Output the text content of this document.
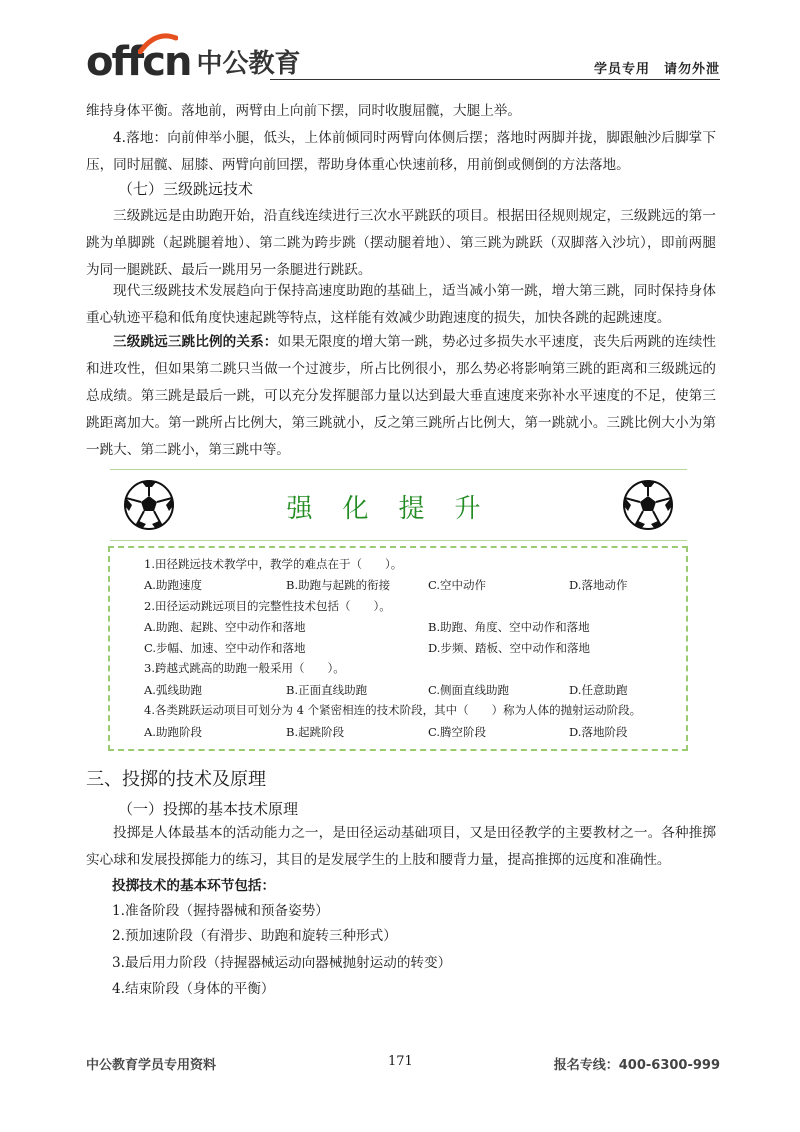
offcn 中公教育	学员专用　请勿外泄
维持身体平衡。落地前，两臂由上向前下摆，同时收腹屈髋，大腿上举。
4.落地：向前伸举小腿，低头，上体前倾同时两臂向体侧后摆；落地时两脚并拢，脚跟触沙后脚掌下压，同时屈髋、屈膝、两臂向前回摆，帮助身体重心快速前移，用前倒或侧倒的方法落地。
（七）三级跳远技术
三级跳远是由助跑开始，沿直线连续进行三次水平跳跃的项目。根据田径规则规定，三级跳远的第一跳为单脚跳（起跳腿着地）、第二跳为跨步跳（摆动腿着地）、第三跳为跳跃（双脚落入沙坑），即前两腿为同一腿跳跃、最后一跳用另一条腿进行跳跃。
现代三级跳技术发展趋向于保持高速度助跑的基础上，适当减小第一跳，增大第三跳，同时保持身体重心轨迹平稳和低角度快速起跳等特点，这样能有效减少助跑速度的损失，加快各跳的起跳速度。
三级跳远三跳比例的关系：如果无限度的增大第一跳，势必过多损失水平速度，丧失后两跳的连续性和进攻性，但如果第二跳只当做一个过渡步，所占比例很小，那么势必将影响第三跳的距离和三级跳远的总成绩。第三跳是最后一跳，可以充分发挥腿部力量以达到最大垂直速度来弥补水平速度的不足，使第三跳距离加大。第一跳所占比例大，第三跳就小，反之第三跳所占比例大，第一跳就小。三跳比例大小为第一跳大、第二跳小，第三跳中等。
强化提升
1.田径跳远技术教学中，教学的难点在于（　　）。
A.助跑速度	B.助跑与起跳的衔接	C.空中动作	D.落地动作
2.田径运动跳远项目的完整性技术包括（　　）。
A.助跑、起跳、空中动作和落地	B.助跑、角度、空中动作和落地
C.步幅、加速、空中动作和落地	D.步频、踏板、空中动作和落地
3.跨越式跳高的助跑一般采用（　　）。
A.弧线助跑	B.正面直线助跑	C.侧面直线助跑	D.任意助跑
4.各类跳跃运动项目可划分为 4 个紧密相连的技术阶段，其中（　　）称为人体的抛射运动阶段。
A.助跑阶段	B.起跳阶段	C.腾空阶段	D.落地阶段
三、投掷的技术及原理
（一）投掷的基本技术原理
投掷是人体最基本的活动能力之一，是田径运动基础项目，又是田径教学的主要教材之一。各种推掷实心球和发展投掷能力的练习，其目的是发展学生的上肢和腰背力量，提高推掷的远度和准确性。
投掷技术的基本环节包括：
1.准备阶段（握持器械和预备姿势）
2.预加速阶段（有滑步、助跑和旋转三种形式）
3.最后用力阶段（持握器械运动向器械抛射运动的转变）
4.结束阶段（身体的平衡）
中公教育学员专用资料	171	报名专线：400-6300-999
